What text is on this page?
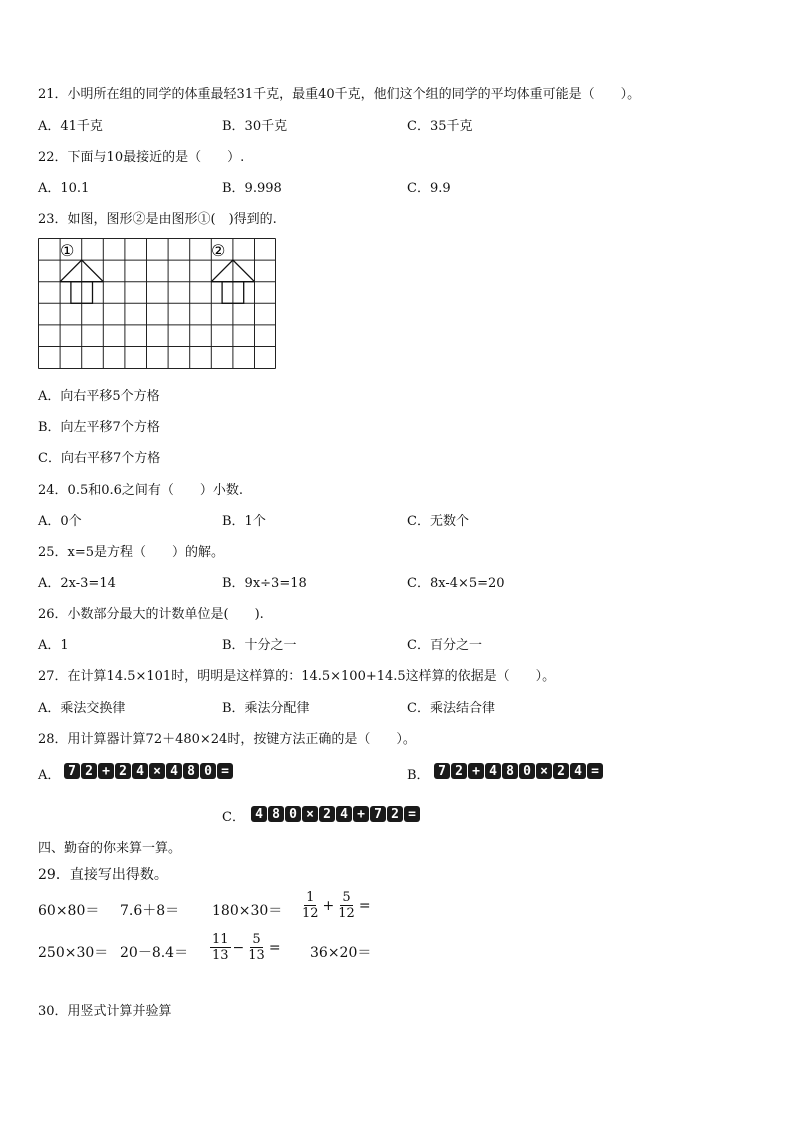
21．小明所在组的同学的体重最轻31千克，最重40千克，他们这个组的同学的平均体重可能是（　　）。
A．41千克	B．30千克	C．35千克
22．下面与10最接近的是（　　）.
A．10.1	B．9.998	C．9.9
23．如图，图形②是由图形①(　)得到的.
①	②
A．向右平移5个方格
B．向左平移7个方格
C．向右平移7个方格
24．0.5和0.6之间有（　　）小数.
A．0个	B．1个	C．无数个
25．x=5是方程（　　）的解。
A．2x-3=14	B．9x÷3=18	C．8x-4×5=20
26．小数部分最大的计数单位是(　　).
A．1	B．十分之一	C．百分之一
27．在计算14.5×101时，明明是这样算的：14.5×100+14.5这样算的依据是（　　）。
A．乘法交换律	B．乘法分配律	C．乘法结合律
28．用计算器计算72＋480×24时，按键方法正确的是（　　）。
A． 7 2 + 2 4 × 4 8 0 =	B． 7 2 + 4 8 0 × 2 4 =
C． 4 8 0 × 2 4 + 7 2 =
四、勤奋的你来算一算。
29．直接写出得数。
$60\times 80= 7.6+8= 180\times 30= \frac{1}{12} + \frac{5}{12}$ =
$250\times 30= 20-8.4= \frac{11}{13} - \frac{5}{13} = 36\times 20=$
30．用竖式计算并验算
